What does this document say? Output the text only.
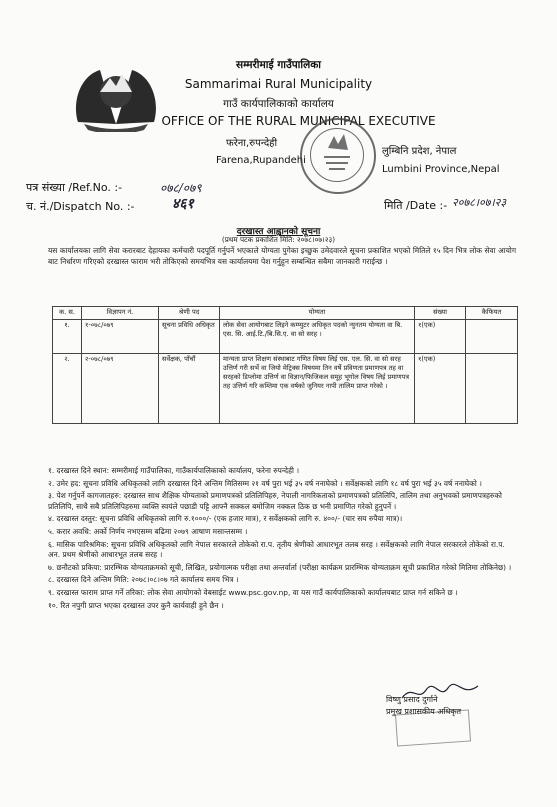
सम्मरीमाई गाउँपालिका
Sammarimai Rural Municipality
गाउँ कार्यपालिकाको कार्यालय
OFFICE OF THE RURAL MUNICIPAL EXECUTIVE
फरेना,रुपन्देही
Farena,Rupandehi
लुम्बिनि प्रदेश, नेपाल
Lumbini Province,Nepal
पत्र संख्या /Ref.No. :-	०७८/०७९
च. नं./Dispatch No. :-	४६१	मिति /Date :- २०७८।०७।२३
दरखास्त आह्वानको सूचना
(प्रथम पटक प्रकाशित मिति: २०७८।०७।२३)
यस कार्यालयका लागि सेवा करारबाट देहायका कर्मचारी पदपूर्ति गर्नुपर्ने भएकाले योग्यता पुगेका इच्छुक उमेदवारले सूचना प्रकाशित भएको मितिले १५ दिन भित्र लोक सेवा आयोग बाट निर्धारण गरिएको दरखास्त फाराम भरी तोकिएको समयभित्र यस कार्यालयमा पेश गर्नुहुन सम्बन्धित सबैमा जानकारी गराईन्छ ।
क. स.	विज्ञापन नं.	श्रेणी पद	योग्यता	संख्या	कैफियत
१.	१-०७८/०७९	सूचना प्रविधि अधिकृत	लोक सेवा आयोगबाट लिइने कम्प्युटर अधिकृत पदको न्युनतम योग्यता वा बि. एस. सि. आई.टि./बि.सि.ए. वा सो सरह ।	१(एक)	
२.	२-०७८/०७९	सर्वेक्षक, पाँचौं	मान्यता प्राप्त शिक्षण संस्थाबाट गणित विषय लिई एस. एल. सि. वा सो सरह उत्तिर्ण गरी सर्भे वा जियो मेट्रिक्स विषयमा तिन वर्षे प्रविणता प्रमाणपत्र तह वा सरहको डिप्लोमा उत्तिर्ण वा विज्ञान/फिजिकल समूह भूगोल विषय लिई प्रमाणपत्र तह उत्तिर्ण गरि कम्तिमा एक वर्षको जुनियर नापी तालिम प्राप्त गरेको ।	१(एक)	
१. दरखास्त दिने स्थान: सम्मरीमाई गाउँपालिका, गाउँकार्यपालिकाको कार्यालय, फरेना रुपन्देही ।
२. उमेर हद: सूचना प्रविधि अधिकृतको लागि दरखास्त दिने अन्तिम मितिसम्म २१ वर्ष पुरा भई ३५ वर्ष ननाघेको । सर्वेक्षकको लागि १८ वर्ष पुरा भई ३५ वर्ष ननाघेको ।
३. पेश गर्नुपर्ने कागजातहरु: दरखास्त साथ शैक्षिक योग्यताको प्रमाणपत्रको प्रतिलिपिहरु, नेपाली नागरिकताको प्रमाणपत्रको प्रतिलिपि, तालिम तथा अनुभवको प्रमाणपत्रहरुको प्रतिलिपि, साथै सबै प्रतिलिपिहरुमा व्यक्ति स्वयंले पछाडी पट्टि आफ्नै सक्कल बमोजिम नक्कल ठिक छ भनी प्रमाणित गरेको हुनुपर्ने ।
४. दरखास्त दस्तुर: सूचना प्रविधि अधिकृतको लागि रु.१०००/- (एक हजार मात्र), र सर्वेक्षकको लागि रु. ४००/- (चार सय रुपैया मात्र)।
५. करार अवधि: अर्को निर्णय नभएसम्म बढिमा २०७९ आषाण मसान्तसम्म ।
६. मासिक पारिश्रमिक: सूचना प्रविधि अधिकृतको लागि नेपाल सरकारले तोकेको रा.प. तृतीय श्रेणीको आधारभूत तलब सरह । सर्वेक्षकको लागि नेपाल सरकारले तोकेको रा.प. अन. प्रथम श्रेणीको आधारभूत तलब सरह ।
७. छनौटको प्रकिया: प्रारम्भिक योग्यताक्रमको सूची, लिखित, प्रयोगात्मक परीक्षा तथा अन्तर्वार्ता (परीक्षा कार्यक्रम प्रारम्भिक योग्यताक्रम सूची प्रकाशित गरेको मितिमा तोकिनेछ) ।
८. दरखास्त दिने अन्तिम मिति: २०७८।०८।०७ गते कार्यालय समय भित्र ।
९. दरखास्त फाराम प्राप्त गर्ने तरिका: लोक सेवा आयोगको वेबसाईट www.psc.gov.np, वा यस गाउँ कार्यपालिकाको कार्यालयबाट प्राप्त गर्न सकिने छ ।
१०. रित नपुगी प्राप्त भएका दरखास्त उपर कुनै कार्यवाही हुने छैन ।
विष्णु प्रसाद दुर्गाने
प्रमुख प्रशासकीय अधिकृत
